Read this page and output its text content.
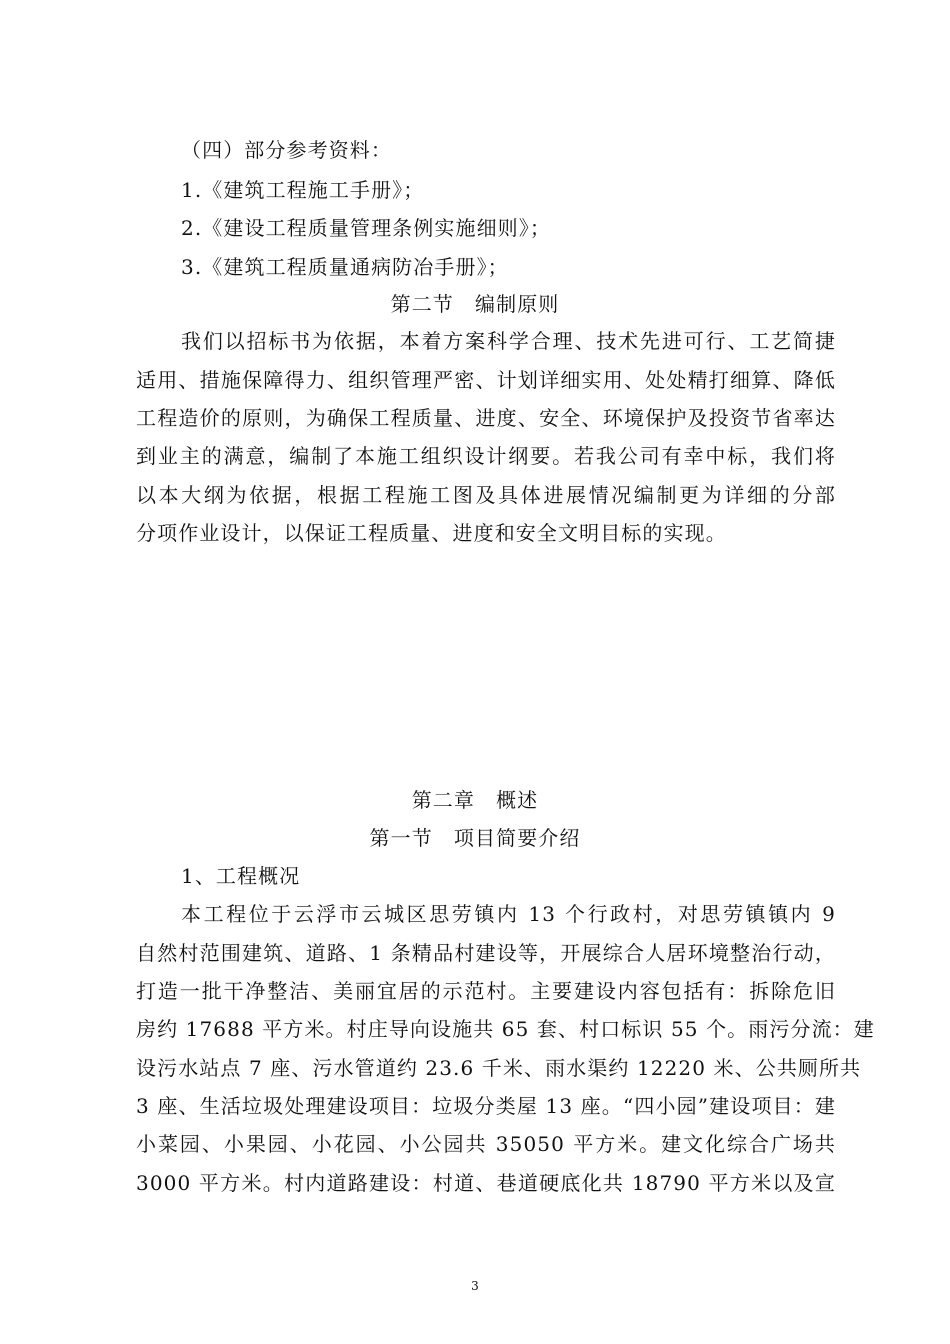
（四）部分参考资料：
1.《建筑工程施工手册》；
2.《建设工程质量管理条例实施细则》；
3.《建筑工程质量通病防冶手册》；
第二节　编制原则
我们以招标书为依据，本着方案科学合理、技术先进可行、工艺简捷
适用、措施保障得力、组织管理严密、计划详细实用、处处精打细算、降低
工程造价的原则，为确保工程质量、进度、安全、环境保护及投资节省率达
到业主的满意，编制了本施工组织设计纲要。若我公司有幸中标，我们将
以本大纲为依据，根据工程施工图及具体进展情况编制更为详细的分部
分项作业设计，以保证工程质量、进度和安全文明目标的实现。
第二章　概述
第一节　项目简要介绍
1、工程概况
本工程位于云浮市云城区思劳镇内 13 个行政村，对思劳镇镇内 9
自然村范围建筑、道路、1 条精品村建设等，开展综合人居环境整治行动，
打造一批干净整洁、美丽宜居的示范村。主要建设内容包括有：拆除危旧
房约 17688 平方米。村庄导向设施共 65 套、村口标识 55 个。雨污分流：建
设污水站点 7 座、污水管道约 23.6 千米、雨水渠约 12220 米、公共厕所共
3 座、生活垃圾处理建设项目：垃圾分类屋 13 座。“四小园”建设项目：建
小菜园、小果园、小花园、小公园共 35050 平方米。建文化综合广场共
3000 平方米。村内道路建设：村道、巷道硬底化共 18790 平方米以及宣
3
